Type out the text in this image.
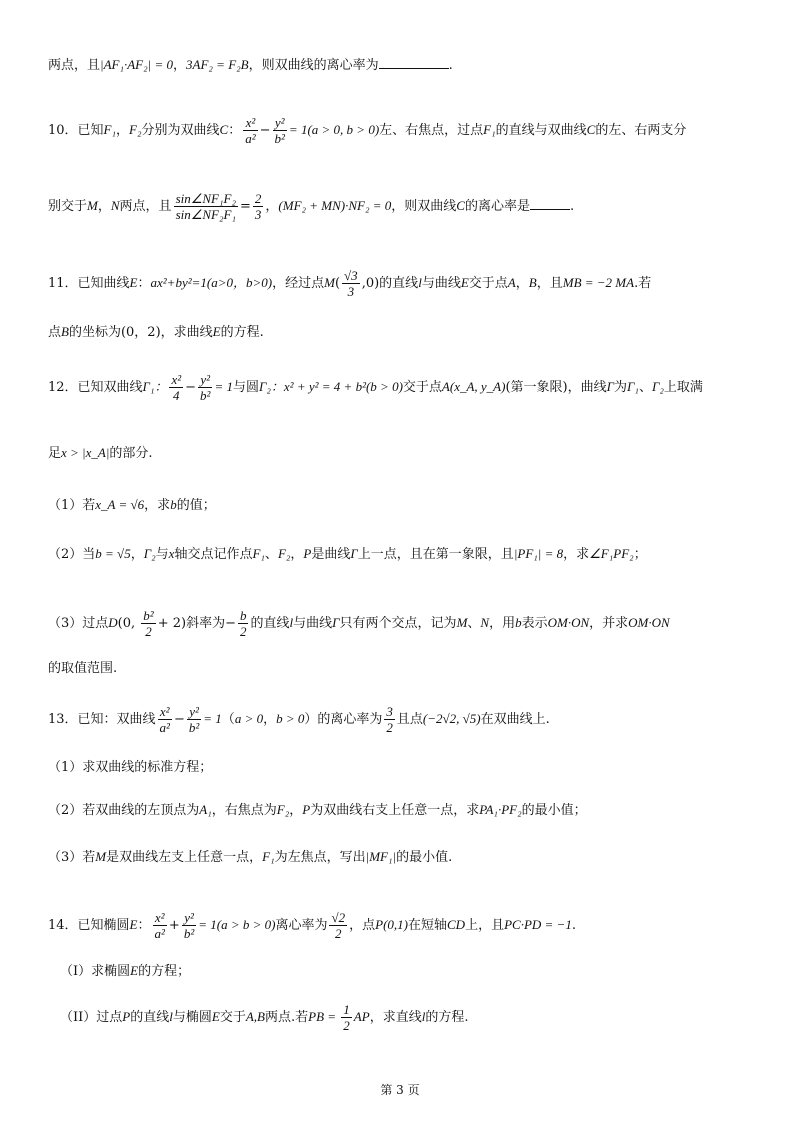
两点，且|AF₁·AF₂| = 0，3AF₂ = F₂B，则双曲线的离心率为	.
10．已知F₁，F₂分别为双曲线C： $\frac{\text{x²}}{\text{a²}} - \frac{\text{y²}}{\text{b²}} = 1(a > 0$, b > 0)左、右焦点，过点F₁的直线与双曲线C的左、右两支分
别交于M，N两点，且 $\frac{\text{sin∠NF₁F₂}}{\text{sin∠NF₂F₁}} = \frac{2}{3}$ ，(MF₂ + MN)·NF₂ = 0，则双曲线C的离心率是	.
11．已知曲线E：ax²+by²=1(a>0，b>0)，经过点$M( \frac{√3}{3} ,0)$的直线l与曲线E交于点A，B，且MB = −2 MA.若
点B的坐标为(0，2)，求曲线E的方程.
12．已知双曲线Γ₁： $\frac{\text{x²}}{4} - \frac{\text{y²}}{\text{b²}} = 1$与圆Γ₂：x² + y² = 4 + b²(b > 0)交于点A(x_A, y_A)(第一象限)，曲线Γ为Γ₁、Γ₂上取满
足x > |x_A|的部分.
（1）若x_A = √6，求b的值；
（2）当b = √5，Γ₂与x轴交点记作点F₁、F₂，P是曲线Γ上一点，且在第一象限，且|PF₁| = 8，求∠F₁PF₂；
（3）过点D(0, $\frac{\text{b²}}{2} + 2$)斜率为− $\frac{b}{2}$ 的直线l与曲线Γ只有两个交点，记为M、N，用b表示OM·ON，并求OM·ON
的取值范围.
13．已知：双曲线 $\frac{\text{x²}}{\text{a²}} - \frac{\text{y²}}{\text{b²}} = 1(a > 0$，b > 0）的离心率为 $\frac{3}{2}$ 且点(−2√2, √5)在双曲线上.
（1）求双曲线的标准方程；
（2）若双曲线的左顶点为A₁，右焦点为F₂，P为双曲线右支上任意一点，求PA₁·PF₂的最小值；
（3）若M是双曲线左支上任意一点，F₁为左焦点，写出|MF₁|的最小值.
14．已知椭圆E： $\frac{\text{x²}}{\text{a²}} + \frac{\text{y²}}{\text{b²}} = 1(a > b > 0)$离心率为 $\frac{√2}{2}$ ，点P(0,1)在短轴CD上，且PC·PD = −1.
（I）求椭圆E的方程；
（II）过点P的直线l与椭圆E交于A,B两点.若PB = $\frac{1}{2}$ AP，求直线l的方程.
第 3 页
